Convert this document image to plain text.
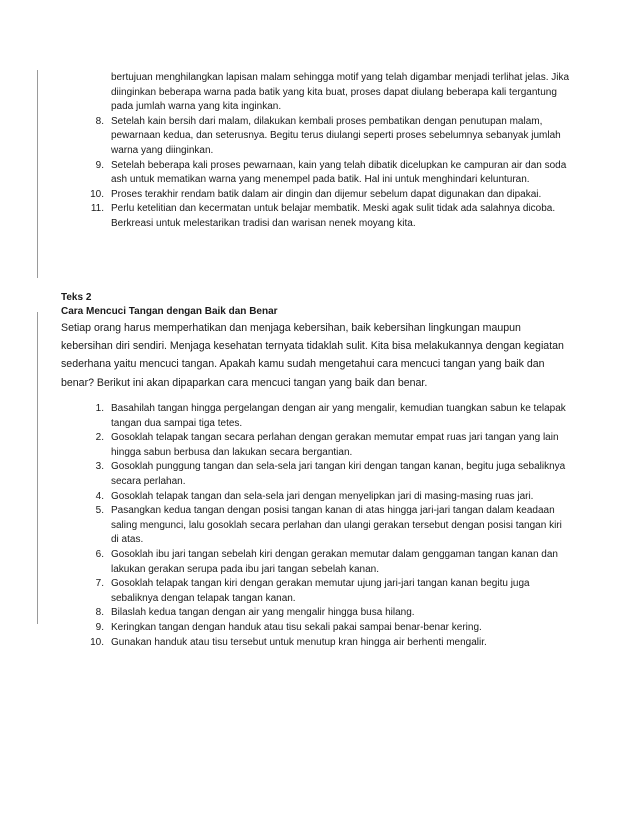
bertujuan menghilangkan lapisan malam sehingga motif yang telah digambar menjadi terlihat jelas. Jika diinginkan beberapa warna pada batik yang kita buat, proses dapat diulang beberapa kali tergantung pada jumlah warna yang kita inginkan.
8. Setelah kain bersih dari malam, dilakukan kembali proses pembatikan dengan penutupan malam, pewarnaan kedua, dan seterusnya. Begitu terus diulangi seperti proses sebelumnya sebanyak jumlah warna yang diinginkan.
9. Setelah beberapa kali proses pewarnaan, kain yang telah dibatik dicelupkan ke campuran air dan soda ash untuk mematikan warna yang menempel pada batik. Hal ini untuk menghindari kelunturan.
10. Proses terakhir rendam batik dalam air dingin dan dijemur sebelum dapat digunakan dan dipakai.
11. Perlu ketelitian dan kecermatan untuk belajar membatik. Meski agak sulit tidak ada salahnya dicoba. Berkreasi untuk melestarikan tradisi dan warisan nenek moyang kita.
Teks 2
Cara Mencuci Tangan dengan Baik dan Benar
Setiap orang harus memperhatikan dan menjaga kebersihan, baik kebersihan lingkungan maupun kebersihan diri sendiri. Menjaga kesehatan ternyata tidaklah sulit. Kita bisa melakukannya dengan kegiatan sederhana yaitu mencuci tangan. Apakah kamu sudah mengetahui cara mencuci tangan yang baik dan benar? Berikut ini akan dipaparkan cara mencuci tangan yang baik dan benar.
1. Basahilah tangan hingga pergelangan dengan air yang mengalir, kemudian tuangkan sabun ke telapak tangan dua sampai tiga tetes.
2. Gosoklah telapak tangan secara perlahan dengan gerakan memutar empat ruas jari tangan yang lain hingga sabun berbusa dan lakukan secara bergantian.
3. Gosoklah punggung tangan dan sela-sela jari tangan kiri dengan tangan kanan, begitu juga sebaliknya secara perlahan.
4. Gosoklah telapak tangan dan sela-sela jari dengan menyelipkan jari di masing-masing ruas jari.
5. Pasangkan kedua tangan dengan posisi tangan kanan di atas hingga jari-jari tangan dalam keadaan saling mengunci, lalu gosoklah secara perlahan dan ulangi gerakan tersebut dengan posisi tangan kiri di atas.
6. Gosoklah ibu jari tangan sebelah kiri dengan gerakan memutar dalam genggaman tangan kanan dan lakukan gerakan serupa pada ibu jari tangan sebelah kanan.
7. Gosoklah telapak tangan kiri dengan gerakan memutar ujung jari-jari tangan kanan begitu juga sebaliknya dengan telapak tangan kanan.
8. Bilaslah kedua tangan dengan air yang mengalir hingga busa hilang.
9. Keringkan tangan dengan handuk atau tisu sekali pakai sampai benar-benar kering.
10. Gunakan handuk atau tisu tersebut untuk menutup kran hingga air berhenti mengalir.
